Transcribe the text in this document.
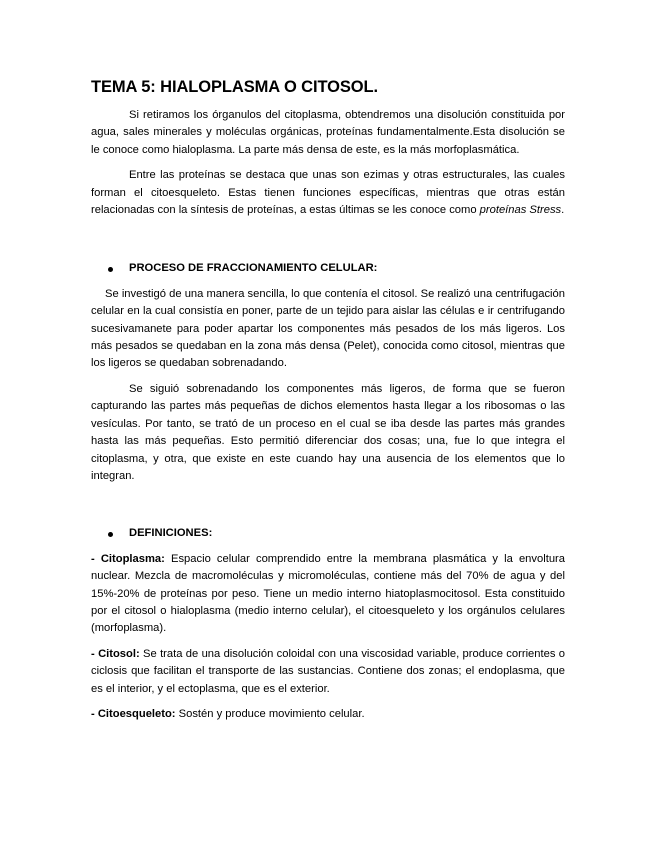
TEMA 5: HIALOPLASMA O CITOSOL.

Si retiramos los órganulos del citoplasma, obtendremos una disolución constituida por agua, sales minerales y moléculas orgánicas, proteínas fundamentalmente.Esta disolución se le conoce como hialoplasma. La parte más densa de este, es la más morfoplasmática.

Entre las proteínas se destaca que unas son ezimas y otras estructurales, las cuales forman el citoesqueleto. Estas tienen funciones específicas, mientras que otras están relacionadas con la síntesis de proteínas, a estas últimas se les conoce como proteínas Stress.

PROCESO DE FRACCIONAMIENTO CELULAR:

Se investigó de una manera sencilla, lo que contenía el citosol. Se realizó una centrifugación celular en la cual consistía en poner, parte de un tejido para aislar las células e ir centrifugando sucesivamanete para poder apartar los componentes más pesados de los más ligeros. Los más pesados se quedaban en la zona más densa (Pelet), conocida como citosol, mientras que los ligeros se quedaban sobrenadando.

Se siguió sobrenadando los componentes más ligeros, de forma que se fueron capturando las partes más pequeñas de dichos elementos hasta llegar a los ribosomas o las vesículas. Por tanto, se trató de un proceso en el cual se iba desde las partes más grandes hasta las más pequeñas. Esto permitió diferenciar dos cosas; una, fue lo que integra el citoplasma, y otra, que existe en este cuando hay una ausencia de los elementos que lo integran.

DEFINICIONES:

- Citoplasma: Espacio celular comprendido entre la membrana plasmática y la envoltura nuclear. Mezcla de macromoléculas y micromoléculas, contiene más del 70% de agua y del 15%-20% de proteínas por peso. Tiene un medio interno hiatoplasmocitosol. Esta constituido por el citosol o hialoplasma (medio interno celular), el citoesqueleto y los orgánulos celulares (morfoplasma).

- Citosol: Se trata de una disolución coloidal con una viscosidad variable, produce corrientes o ciclosis que facilitan el transporte de las sustancias. Contiene dos zonas; el endoplasma, que es el interior, y el ectoplasma, que es el exterior.

- Citoesqueleto: Sostén y produce movimiento celular.
